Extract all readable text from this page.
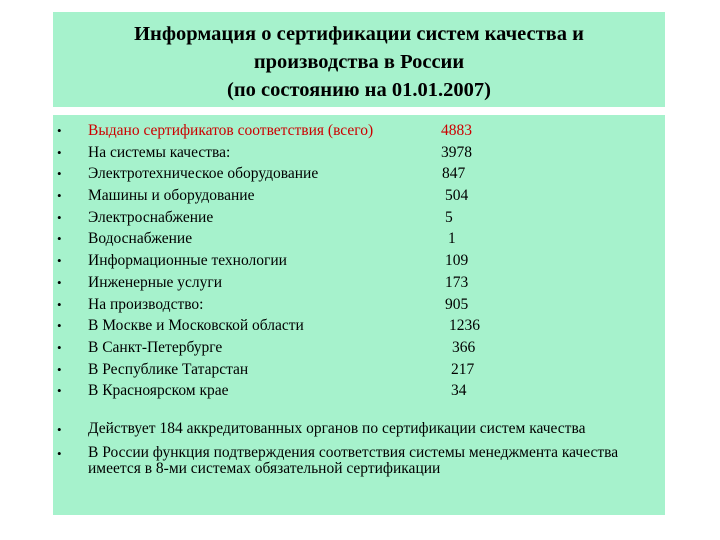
Информация о сертификации систем качества и
производства в России
(по состоянию на 01.01.2007)
• Выдано сертификатов соответствия (всего)	4883
• На системы качества:	3978
• Электротехническое оборудование	847
• Машины и оборудование	504
• Электроснабжение	5
• Водоснабжение	1
• Информационные технологии	109
• Инженерные услуги	173
• На производство:	905
• В Москве и Московской области	1236
• В Санкт-Петербурге	366
• В Республике Татарстан	217
• В Красноярском крае	34
• Действует 184 аккредитованных органов по сертификации систем качества
• В России функция подтверждения соответствия системы менеджмента качества имеется в 8-ми системах обязательной сертификации
